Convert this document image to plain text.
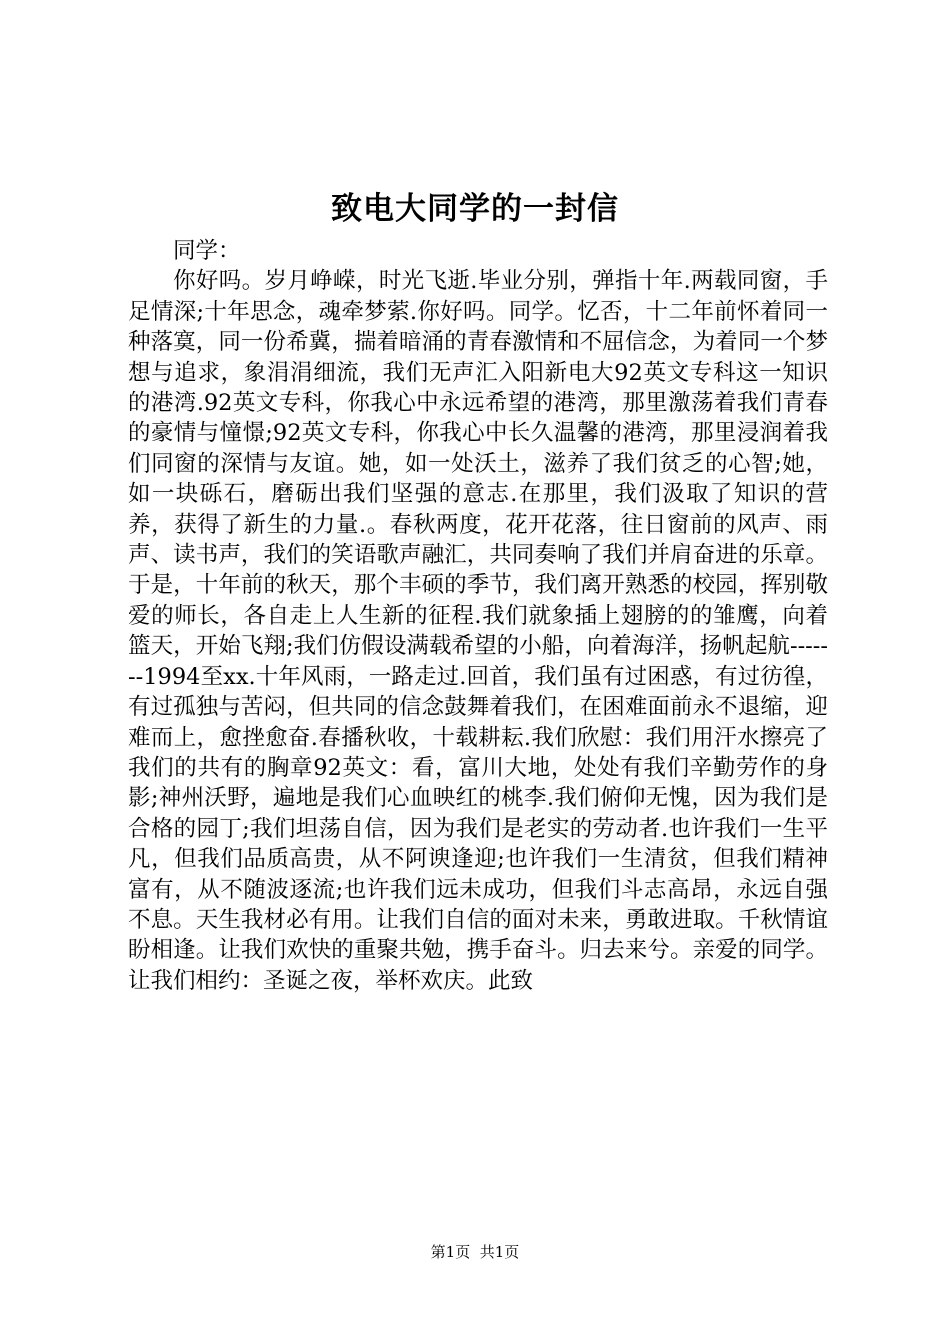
致电大同学的一封信

同学：

你好吗。岁月峥嵘，时光飞逝.毕业分别，弹指十年.两载同窗，手足情深;十年思念，魂牵梦萦.你好吗。同学。忆否，十二年前怀着同一种落寞，同一份希冀，揣着暗涌的青春激情和不屈信念，为着同一个梦想与追求，象涓涓细流，我们无声汇入阳新电大92英文专科这一知识的港湾.92英文专科，你我心中永远希望的港湾，那里激荡着我们青春的豪情与憧憬;92英文专科，你我心中长久温馨的港湾，那里浸润着我们同窗的深情与友谊。她，如一处沃土，滋养了我们贫乏的心智;她，如一块砾石，磨砺出我们坚强的意志.在那里，我们汲取了知识的营养，获得了新生的力量.。春秋两度，花开花落，往日窗前的风声、雨声、读书声，我们的笑语歌声融汇，共同奏响了我们并肩奋进的乐章。于是，十年前的秋天，那个丰硕的季节，我们离开熟悉的校园，挥别敬爱的师长，各自走上人生新的征程.我们就象插上翅膀的的雏鹰，向着篮天，开始飞翔;我们仿假设满载希望的小船，向着海洋，扬帆起航-------1994至xx.十年风雨，一路走过.回首，我们虽有过困惑，有过彷徨，有过孤独与苦闷，但共同的信念鼓舞着我们，在困难面前永不退缩，迎难而上，愈挫愈奋.春播秋收，十载耕耘.我们欣慰：我们用汗水擦亮了我们的共有的胸章92英文：看，富川大地，处处有我们辛勤劳作的身影;神州沃野，遍地是我们心血映红的桃李.我们俯仰无愧，因为我们是合格的园丁;我们坦荡自信，因为我们是老实的劳动者.也许我们一生平凡，但我们品质高贵，从不阿谀逢迎;也许我们一生清贫，但我们精神富有，从不随波逐流;也许我们远未成功，但我们斗志高昂，永远自强不息。天生我材必有用。让我们自信的面对未来，勇敢进取。千秋情谊盼相逢。让我们欢快的重聚共勉，携手奋斗。归去来兮。亲爱的同学。让我们相约：圣诞之夜，举杯欢庆。此致

第1页 共1页
